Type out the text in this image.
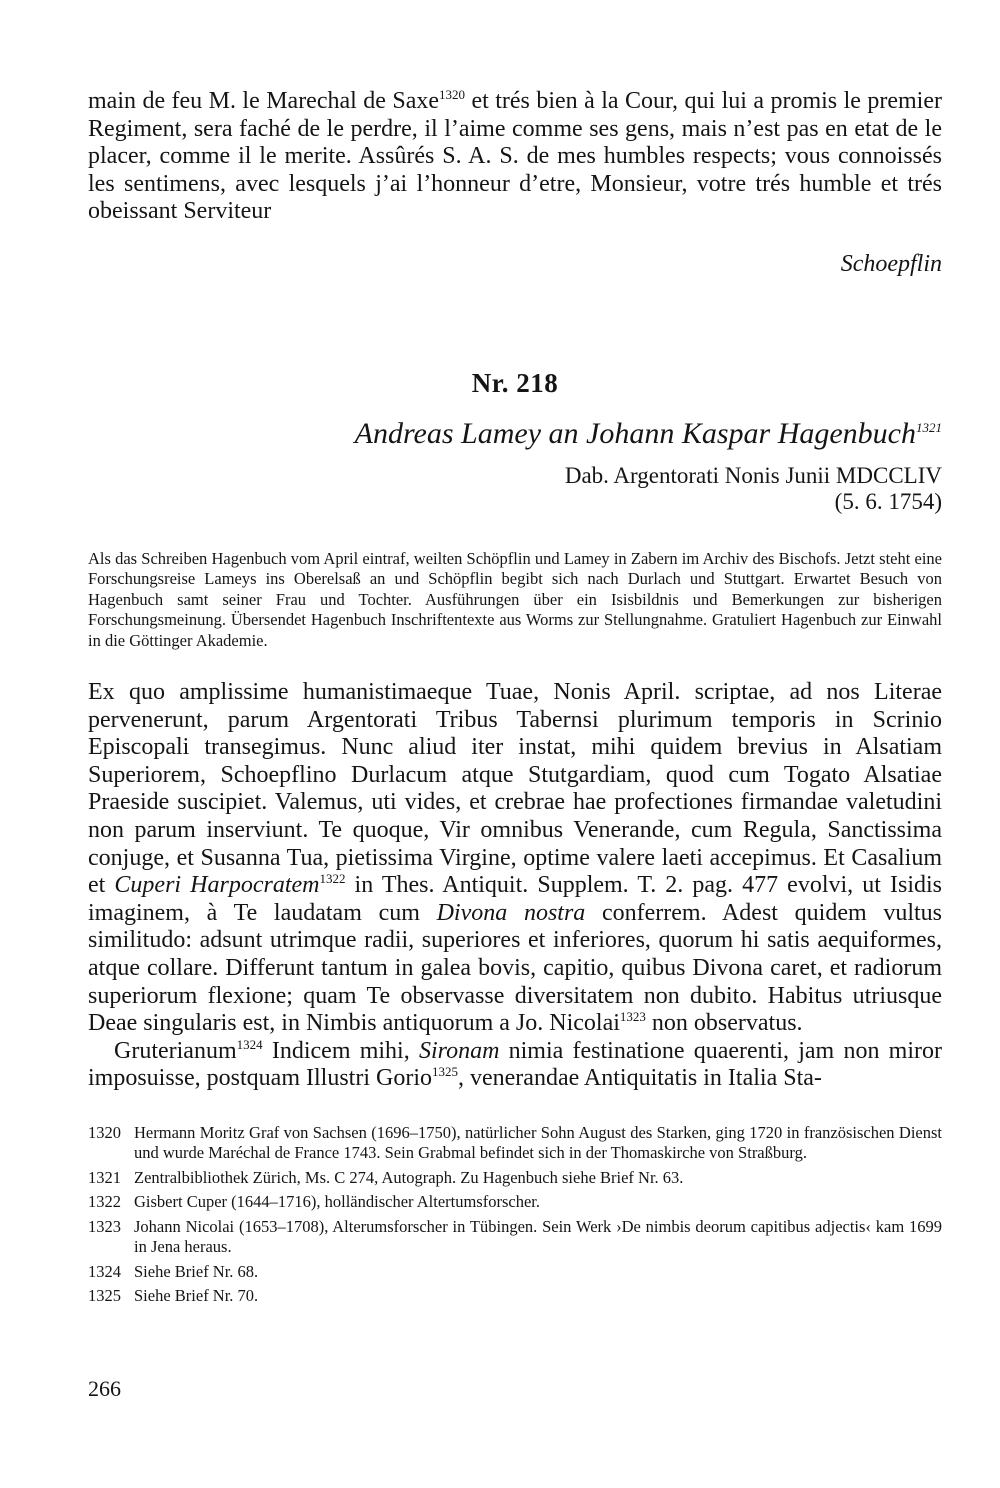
main de feu M. le Marechal de Saxe$^{1320}$ et trés bien à la Cour, qui lui a promis le premier Regiment, sera faché de le perdre, il l’aime comme ses gens, mais n’est pas en etat de le placer, comme il le merite. Assûrés S. A. S. de mes humbles respects; vous connoissés les sentimens, avec lesquels j’ai l’honneur d’etre, Monsieur, votre trés humble et trés obeissant Serviteur

Schoepflin
Nr. 218
Andreas Lamey an Johann Kaspar Hagenbuch$^{1321}$
Dab. Argentorati Nonis Junii MDCCLIV
(5. 6. 1754)
Als das Schreiben Hagenbuch vom April eintraf, weilten Schöpflin und Lamey in Zabern im Archiv des Bischofs. Jetzt steht eine Forschungsreise Lameys ins Oberelsaß an und Schöpflin begibt sich nach Durlach und Stuttgart. Erwartet Besuch von Hagenbuch samt seiner Frau und Tochter. Ausführungen über ein Isisbildnis und Bemerkungen zur bisherigen Forschungsmeinung. Übersendet Hagenbuch Inschriftentexte aus Worms zur Stellungnahme. Gratuliert Hagenbuch zur Einwahl in die Göttinger Akademie.

Ex quo amplissime humanistimaeque Tuae, Nonis April. scriptae, ad nos Literae pervenerunt, parum Argentorati Tribus Tabernsi plurimum temporis in Scrinio Episcopali transegimus. Nunc aliud iter instat, mihi quidem brevius in Alsatiam Superiorem, Schoepflino Durlacum atque Stutgardiam, quod cum Togato Alsatiae Praeside suscipiet. Valemus, uti vides, et crebrae hae profectiones firmandae valetudini non parum inserviunt. Te quoque, Vir omnibus Venerande, cum Regula, Sanctissima conjuge, et Susanna Tua, pietissima Virgine, optime valere laeti accepimus. Et Casalium et Cuperi Harpocratem$^{1322}$ in Thes. Antiquit. Supplem. T. 2. pag. 477 evolvi, ut Isidis imaginem, à Te laudatam cum Divona nostra conferrem. Adest quidem vultus similitudo: adsunt utrimque radii, superiores et inferiores, quorum hi satis aequiformes, atque collare. Differunt tantum in galea bovis, capitio, quibus Divona caret, et radiorum superiorum flexione; quam Te observasse diversitatem non dubito. Habitus utriusque Deae singularis est, in Nimbis antiquorum a Jo. Nicolai$^{1323}$ non observatus.

Gruterianum$^{1324}$ Indicem mihi, Sironam nimia festinatione quaerenti, jam non miror imposuisse, postquam Illustri Gorio$^{1325}$, venerandae Antiquitatis in Italia Sta-

1320 Hermann Moritz Graf von Sachsen (1696–1750), natürlicher Sohn August des Starken, ging 1720 in französischen Dienst und wurde Maréchal de France 1743. Sein Grabmal befindet sich in der Thomaskirche von Straßburg.
1321 Zentralbibliothek Zürich, Ms. C 274, Autograph. Zu Hagenbuch siehe Brief Nr. 63.
1322 Gisbert Cuper (1644–1716), holländischer Altertumsforscher.
1323 Johann Nicolai (1653–1708), Alterumsforscher in Tübingen. Sein Werk ›De nimbis deorum capitibus adjectis‹ kam 1699 in Jena heraus.
1324 Siehe Brief Nr. 68.
1325 Siehe Brief Nr. 70.
266
